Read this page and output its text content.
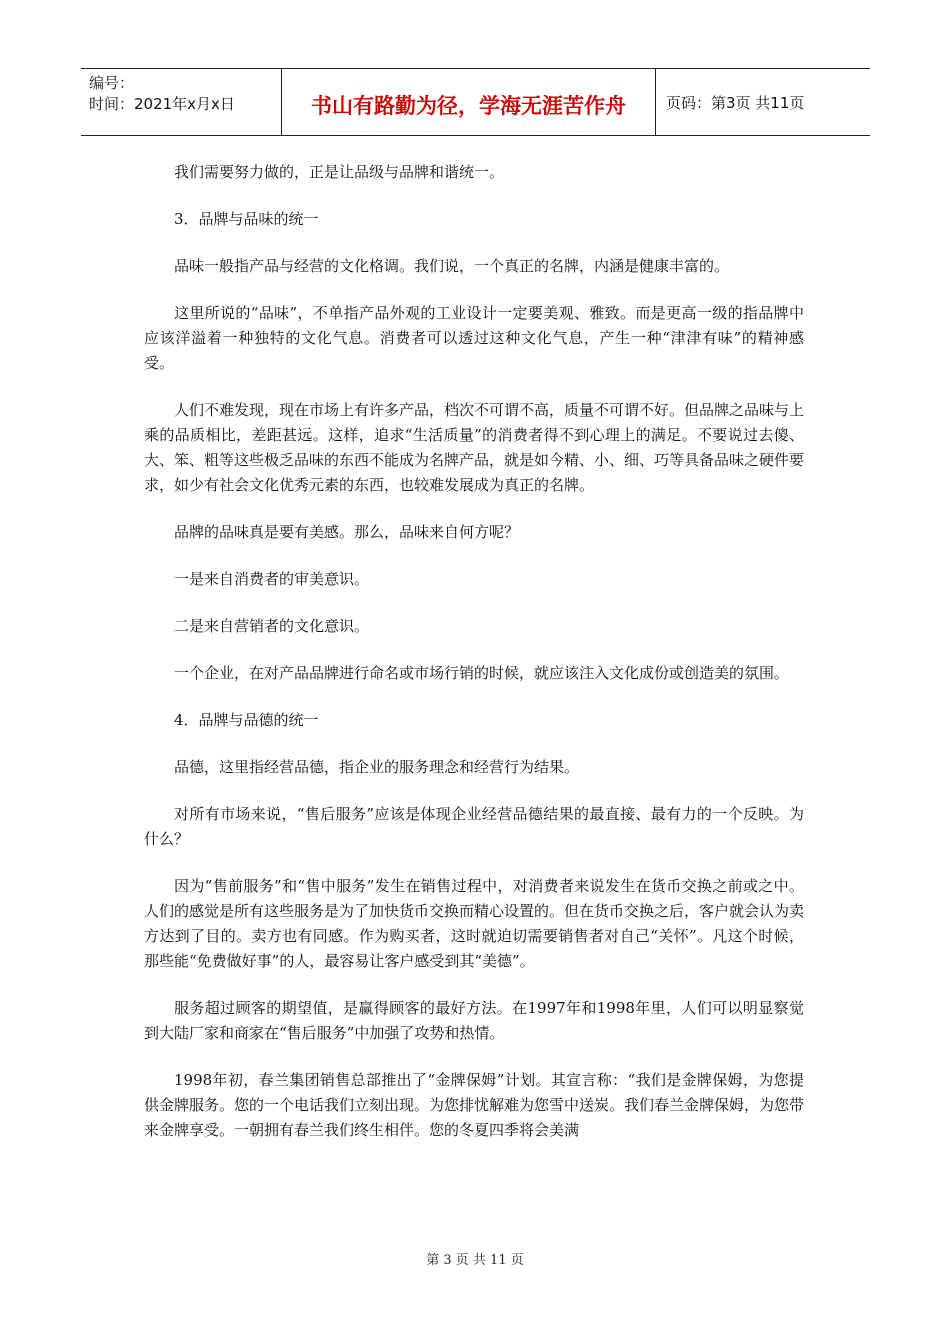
编号：
时间：2021年x月x日	书山有路勤为径，学海无涯苦作舟	页码：第3页 共11页

我们需要努力做的，正是让品级与品牌和谐统一。

3．品牌与品味的统一

品味一般指产品与经营的文化格调。我们说，一个真正的名牌，内涵是健康丰富的。

这里所说的“品味”，不单指产品外观的工业设计一定要美观、雅致。而是更高一级的指品牌中应该洋溢着一种独特的文化气息。消费者可以透过这种文化气息，产生一种“津津有味”的精神感受。

人们不难发现，现在市场上有许多产品，档次不可谓不高，质量不可谓不好。但品牌之品味与上乘的品质相比，差距甚远。这样，追求“生活质量”的消费者得不到心理上的满足。不要说过去傻、大、笨、粗等这些极乏品味的东西不能成为名牌产品，就是如今精、小、细、巧等具备品味之硬件要求，如少有社会文化优秀元素的东西，也较难发展成为真正的名牌。

品牌的品味真是要有美感。那么，品味来自何方呢？

一是来自消费者的审美意识。

二是来自营销者的文化意识。

一个企业，在对产品品牌进行命名或市场行销的时候，就应该注入文化成份或创造美的氛围。

4．品牌与品德的统一

品德，这里指经营品德，指企业的服务理念和经营行为结果。

对所有市场来说，“售后服务”应该是体现企业经营品德结果的最直接、最有力的一个反映。为什么？

因为“售前服务”和“售中服务”发生在销售过程中，对消费者来说发生在货币交换之前或之中。人们的感觉是所有这些服务是为了加快货币交换而精心设置的。但在货币交换之后，客户就会认为卖方达到了目的。卖方也有同感。作为购买者，这时就迫切需要销售者对自己“关怀”。凡这个时候，那些能“免费做好事”的人，最容易让客户感受到其“美德”。

服务超过顾客的期望值，是赢得顾客的最好方法。在1997年和1998年里，人们可以明显察觉到大陆厂家和商家在“售后服务”中加强了攻势和热情。

1998年初，春兰集团销售总部推出了“金牌保姆”计划。其宣言称：“我们是金牌保姆，为您提供金牌服务。您的一个电话我们立刻出现。为您排忧解难为您雪中送炭。我们春兰金牌保姆，为您带来金牌享受。一朝拥有春兰我们终生相伴。您的冬夏四季将会美满

第 3 页 共 11 页
